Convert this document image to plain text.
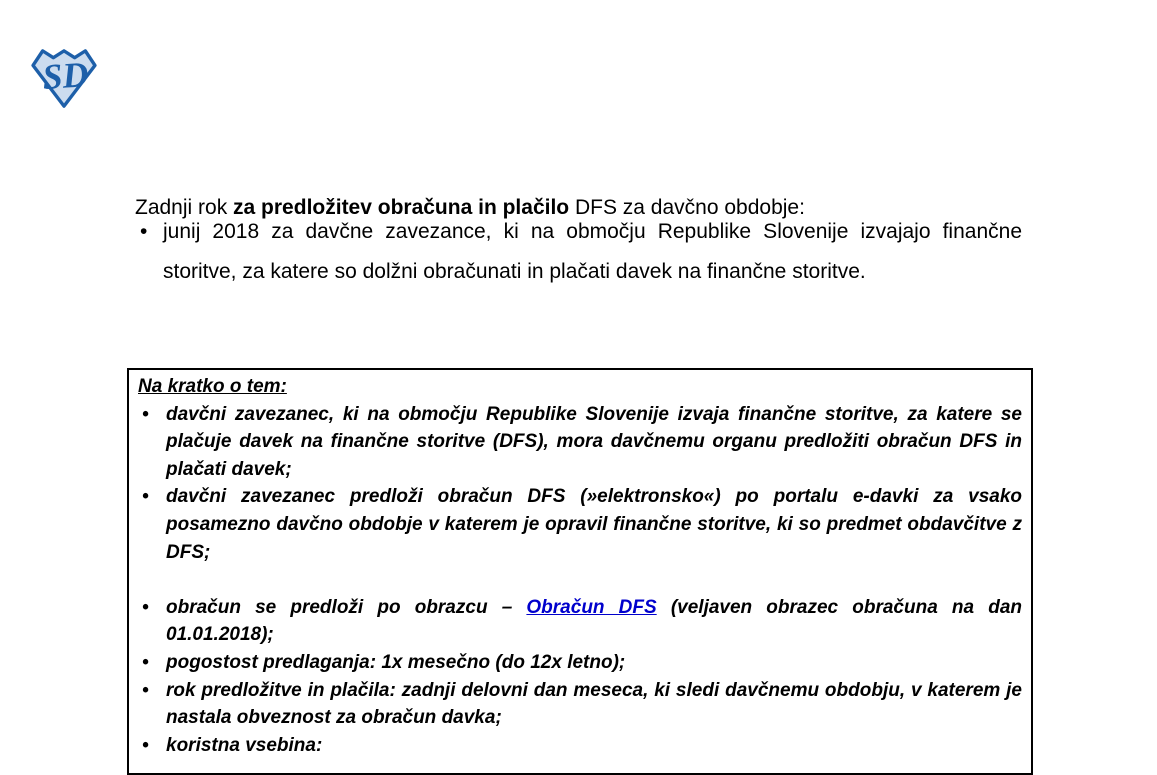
SD

Zadnji rok za predložitev obračuna in plačilo DFS za davčno obdobje:

• junij 2018 za davčne zavezance, ki na območju Republike Slovenije izvajajo finančne storitve, za katere so dolžni obračunati in plačati davek na finančne storitve.
Na kratko o tem:
• davčni zavezanec, ki na območju Republike Slovenije izvaja finančne storitve, za katere se plačuje davek na finančne storitve (DFS), mora davčnemu organu predložiti obračun DFS in plačati davek;
• davčni zavezanec predloži obračun DFS (»elektronsko«) po portalu e-davki za vsako posamezno davčno obdobje v katerem je opravil finančne storitve, ki so predmet obdavčitve z DFS;
• obračun se predloži po obrazcu – Obračun DFS (veljaven obrazec obračuna na dan 01.01.2018);
• pogostost predlaganja: 1x mesečno (do 12x letno);
• rok predložitve in plačila: zadnji delovni dan meseca, ki sledi davčnemu obdobju, v katerem je nastala obveznost za obračun davka;
• koristna vsebina:
